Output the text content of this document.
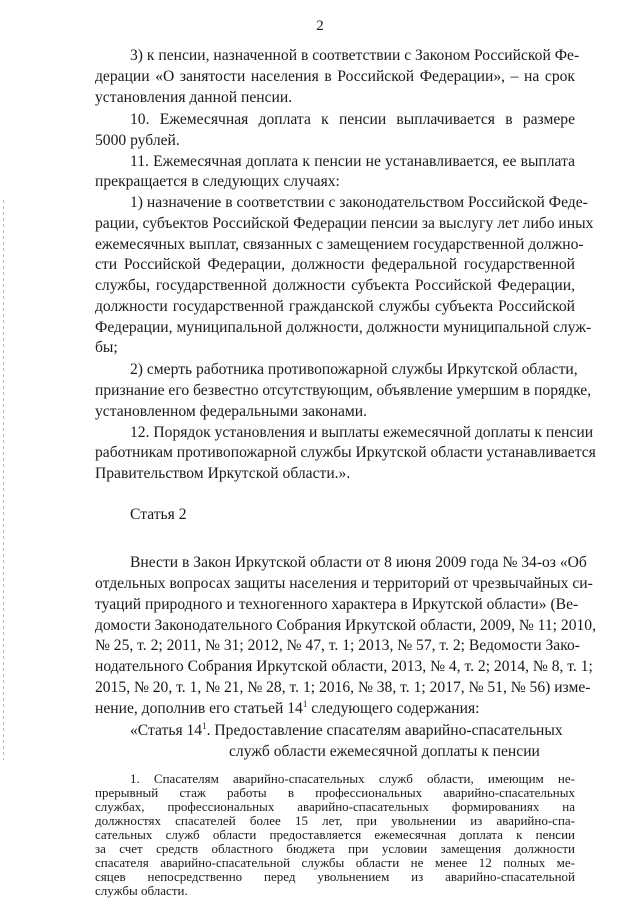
2
3) к пенсии, назначенной в соответствии с Законом Российской Фе-
дерации «О занятости населения в Российской Федерации», – на срок
установления данной пенсии.
10. Ежемесячная доплата к пенсии выплачивается в размере
5000 рублей.
11. Ежемесячная доплата к пенсии не устанавливается, ее выплата
прекращается в следующих случаях:
1) назначение в соответствии с законодательством Российской Феде-
рации, субъектов Российской Федерации пенсии за выслугу лет либо иных
ежемесячных выплат, связанных с замещением государственной должно-
сти Российской Федерации, должности федеральной государственной
службы, государственной должности субъекта Российской Федерации,
должности государственной гражданской службы субъекта Российской
Федерации, муниципальной должности, должности муниципальной служ-
бы;
2) смерть работника противопожарной службы Иркутской области,
признание его безвестно отсутствующим, объявление умершим в порядке,
установленном федеральными законами.
12. Порядок установления и выплаты ежемесячной доплаты к пенсии
работникам противопожарной службы Иркутской области устанавливается
Правительством Иркутской области.».
Статья 2
Внести в Закон Иркутской области от 8 июня 2009 года № 34-оз «Об
отдельных вопросах защиты населения и территорий от чрезвычайных си-
туаций природного и техногенного характера в Иркутской области» (Ве-
домости Законодательного Собрания Иркутской области, 2009, № 11; 2010,
№ 25, т. 2; 2011, № 31; 2012, № 47, т. 1; 2013, № 57, т. 2; Ведомости Зако-
нодательного Собрания Иркутской области, 2013, № 4, т. 2; 2014, № 8, т. 1;
2015, № 20, т. 1, № 21, № 28, т. 1; 2016, № 38, т. 1; 2017, № 51, № 56) изме-
нение, дополнив его статьей $14^1$ следующего содержания:
«Статья $14^1$. Предоставление спасателям аварийно-спасательных
служб области ежемесячной доплаты к пенсии
1. Спасателям аварийно-спасательных служб области, имеющим не-
прерывный стаж работы в профессиональных аварийно-спасательных
службах, профессиональных аварийно-спасательных формированиях на
должностях спасателей более 15 лет, при увольнении из аварийно-спа-
сательных служб области предоставляется ежемесячная доплата к пенсии
за счет средств областного бюджета при условии замещения должности
спасателя аварийно-спасательной службы области не менее 12 полных ме-
сяцев непосредственно перед увольнением из аварийно-спасательной
службы области.
